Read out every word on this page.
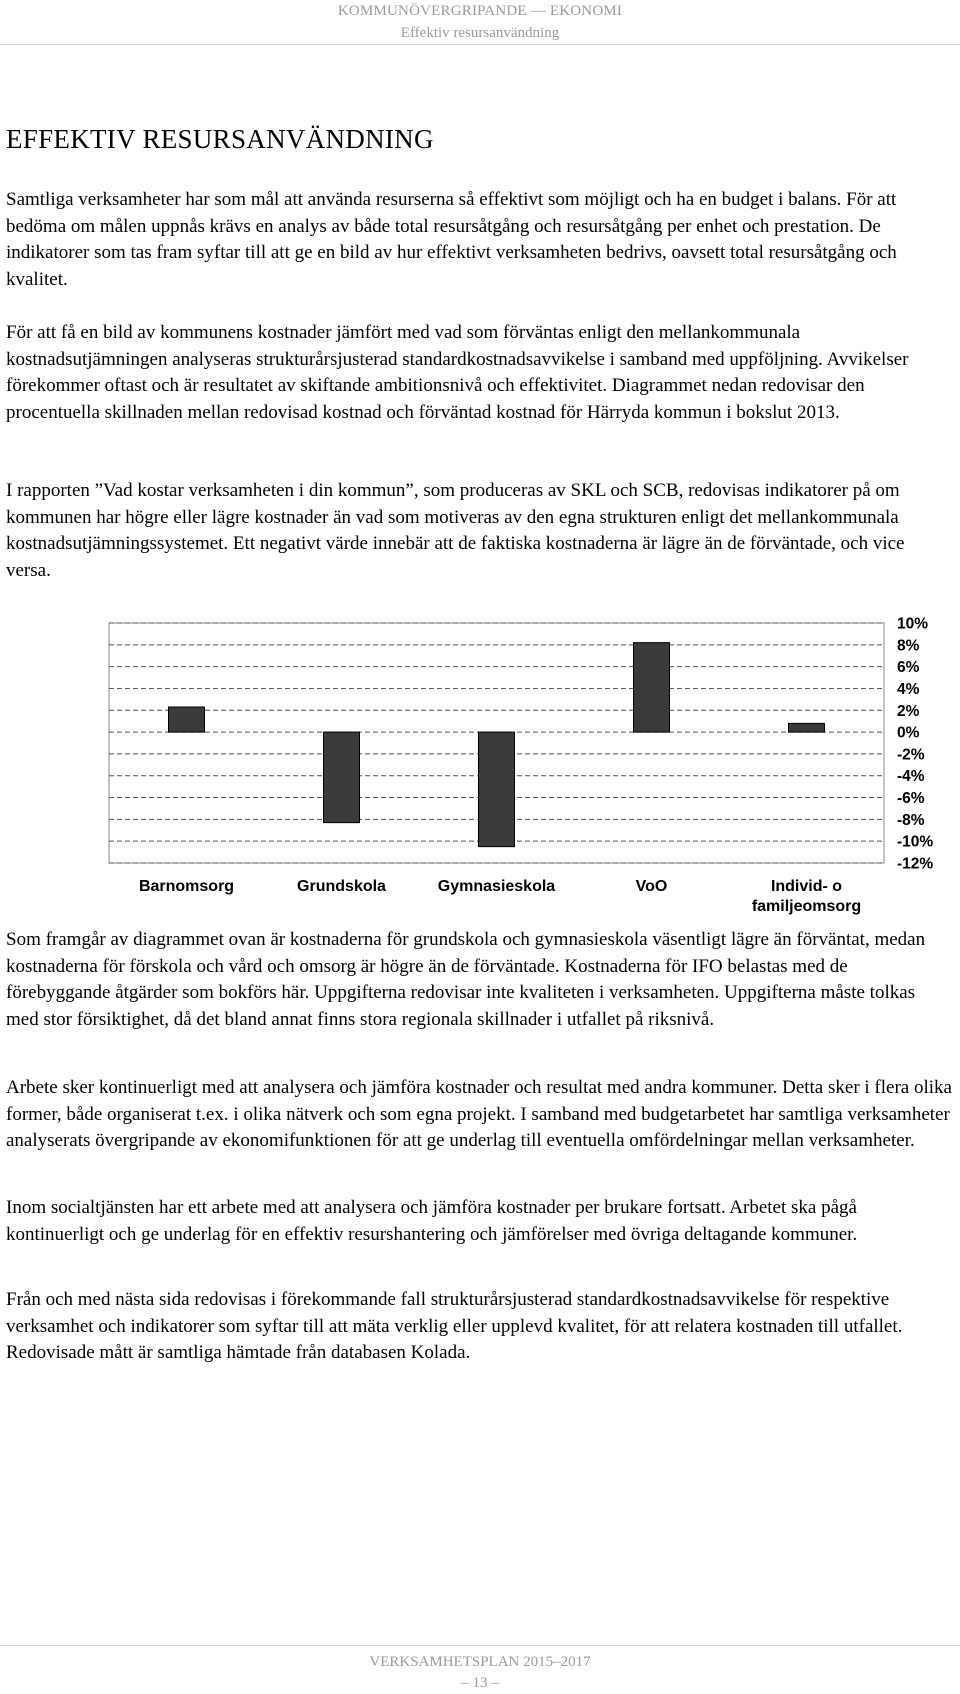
KOMMUNÖVERGRIPANDE — EKONOMI
Effektiv resursanvändning
EFFEKTIV RESURSANVÄNDNING

Samtliga verksamheter har som mål att använda resurserna så effektivt som möjligt och ha en budget i balans. För att bedöma om målen uppnås krävs en analys av både total resursåtgång och resursåtgång per enhet och prestation. De indikatorer som tas fram syftar till att ge en bild av hur effektivt verksamheten bedrivs, oavsett total resursåtgång och kvalitet.

För att få en bild av kommunens kostnader jämfört med vad som förväntas enligt den mellankommunala kostnadsutjämningen analyseras strukturårsjusterad standardkostnadsavvikelse i samband med uppföljning. Avvikelser förekommer oftast och är resultatet av skiftande ambitionsnivå och effektivitet. Diagrammet nedan redovisar den procentuella skillnaden mellan redovisad kostnad och förväntad kostnad för Härryda kommun i bokslut 2013.

I rapporten ”Vad kostar verksamheten i din kommun”, som produceras av SKL och SCB, redovisas indikatorer på om kommunen har högre eller lägre kostnader än vad som motiveras av den egna strukturen enligt det mellankommunala kostnadsutjämningssystemet. Ett negativt värde innebär att de faktiska kostnaderna är lägre än de förväntade, och vice versa.

10%
8%
6%
4%
2%
0%
-2%
-4%
-6%
-8%
-10%
-12%
Barnomsorg	Grundskola	Gymnasieskola	VoO	Individ- o familjeomsorg

Som framgår av diagrammet ovan är kostnaderna för grundskola och gymnasieskola väsentligt lägre än förväntat, medan kostnaderna för förskola och vård och omsorg är högre än de förväntade. Kostnaderna för IFO belastas med de förebyggande åtgärder som bokförs här. Uppgifterna redovisar inte kvaliteten i verksamheten. Uppgifterna måste tolkas med stor försiktighet, då det bland annat finns stora regionala skillnader i utfallet på riksnivå.

Arbete sker kontinuerligt med att analysera och jämföra kostnader och resultat med andra kommuner. Detta sker i flera olika former, både organiserat t.ex. i olika nätverk och som egna projekt. I samband med budgetarbetet har samtliga verksamheter analyserats övergripande av ekonomifunktionen för att ge underlag till eventuella omfördelningar mellan verksamheter.

Inom socialtjänsten har ett arbete med att analysera och jämföra kostnader per brukare fortsatt. Arbetet ska pågå kontinuerligt och ge underlag för en effektiv resurshantering och jämförelser med övriga deltagande kommuner.

Från och med nästa sida redovisas i förekommande fall strukturårsjusterad standardkostnadsavvikelse för respektive verksamhet och indikatorer som syftar till att mäta verklig eller upplevd kvalitet, för att relatera kostnaden till utfallet. Redovisade mått är samtliga hämtade från databasen Kolada.

VERKSAMHETSPLAN 2015–2017
– 13 –
